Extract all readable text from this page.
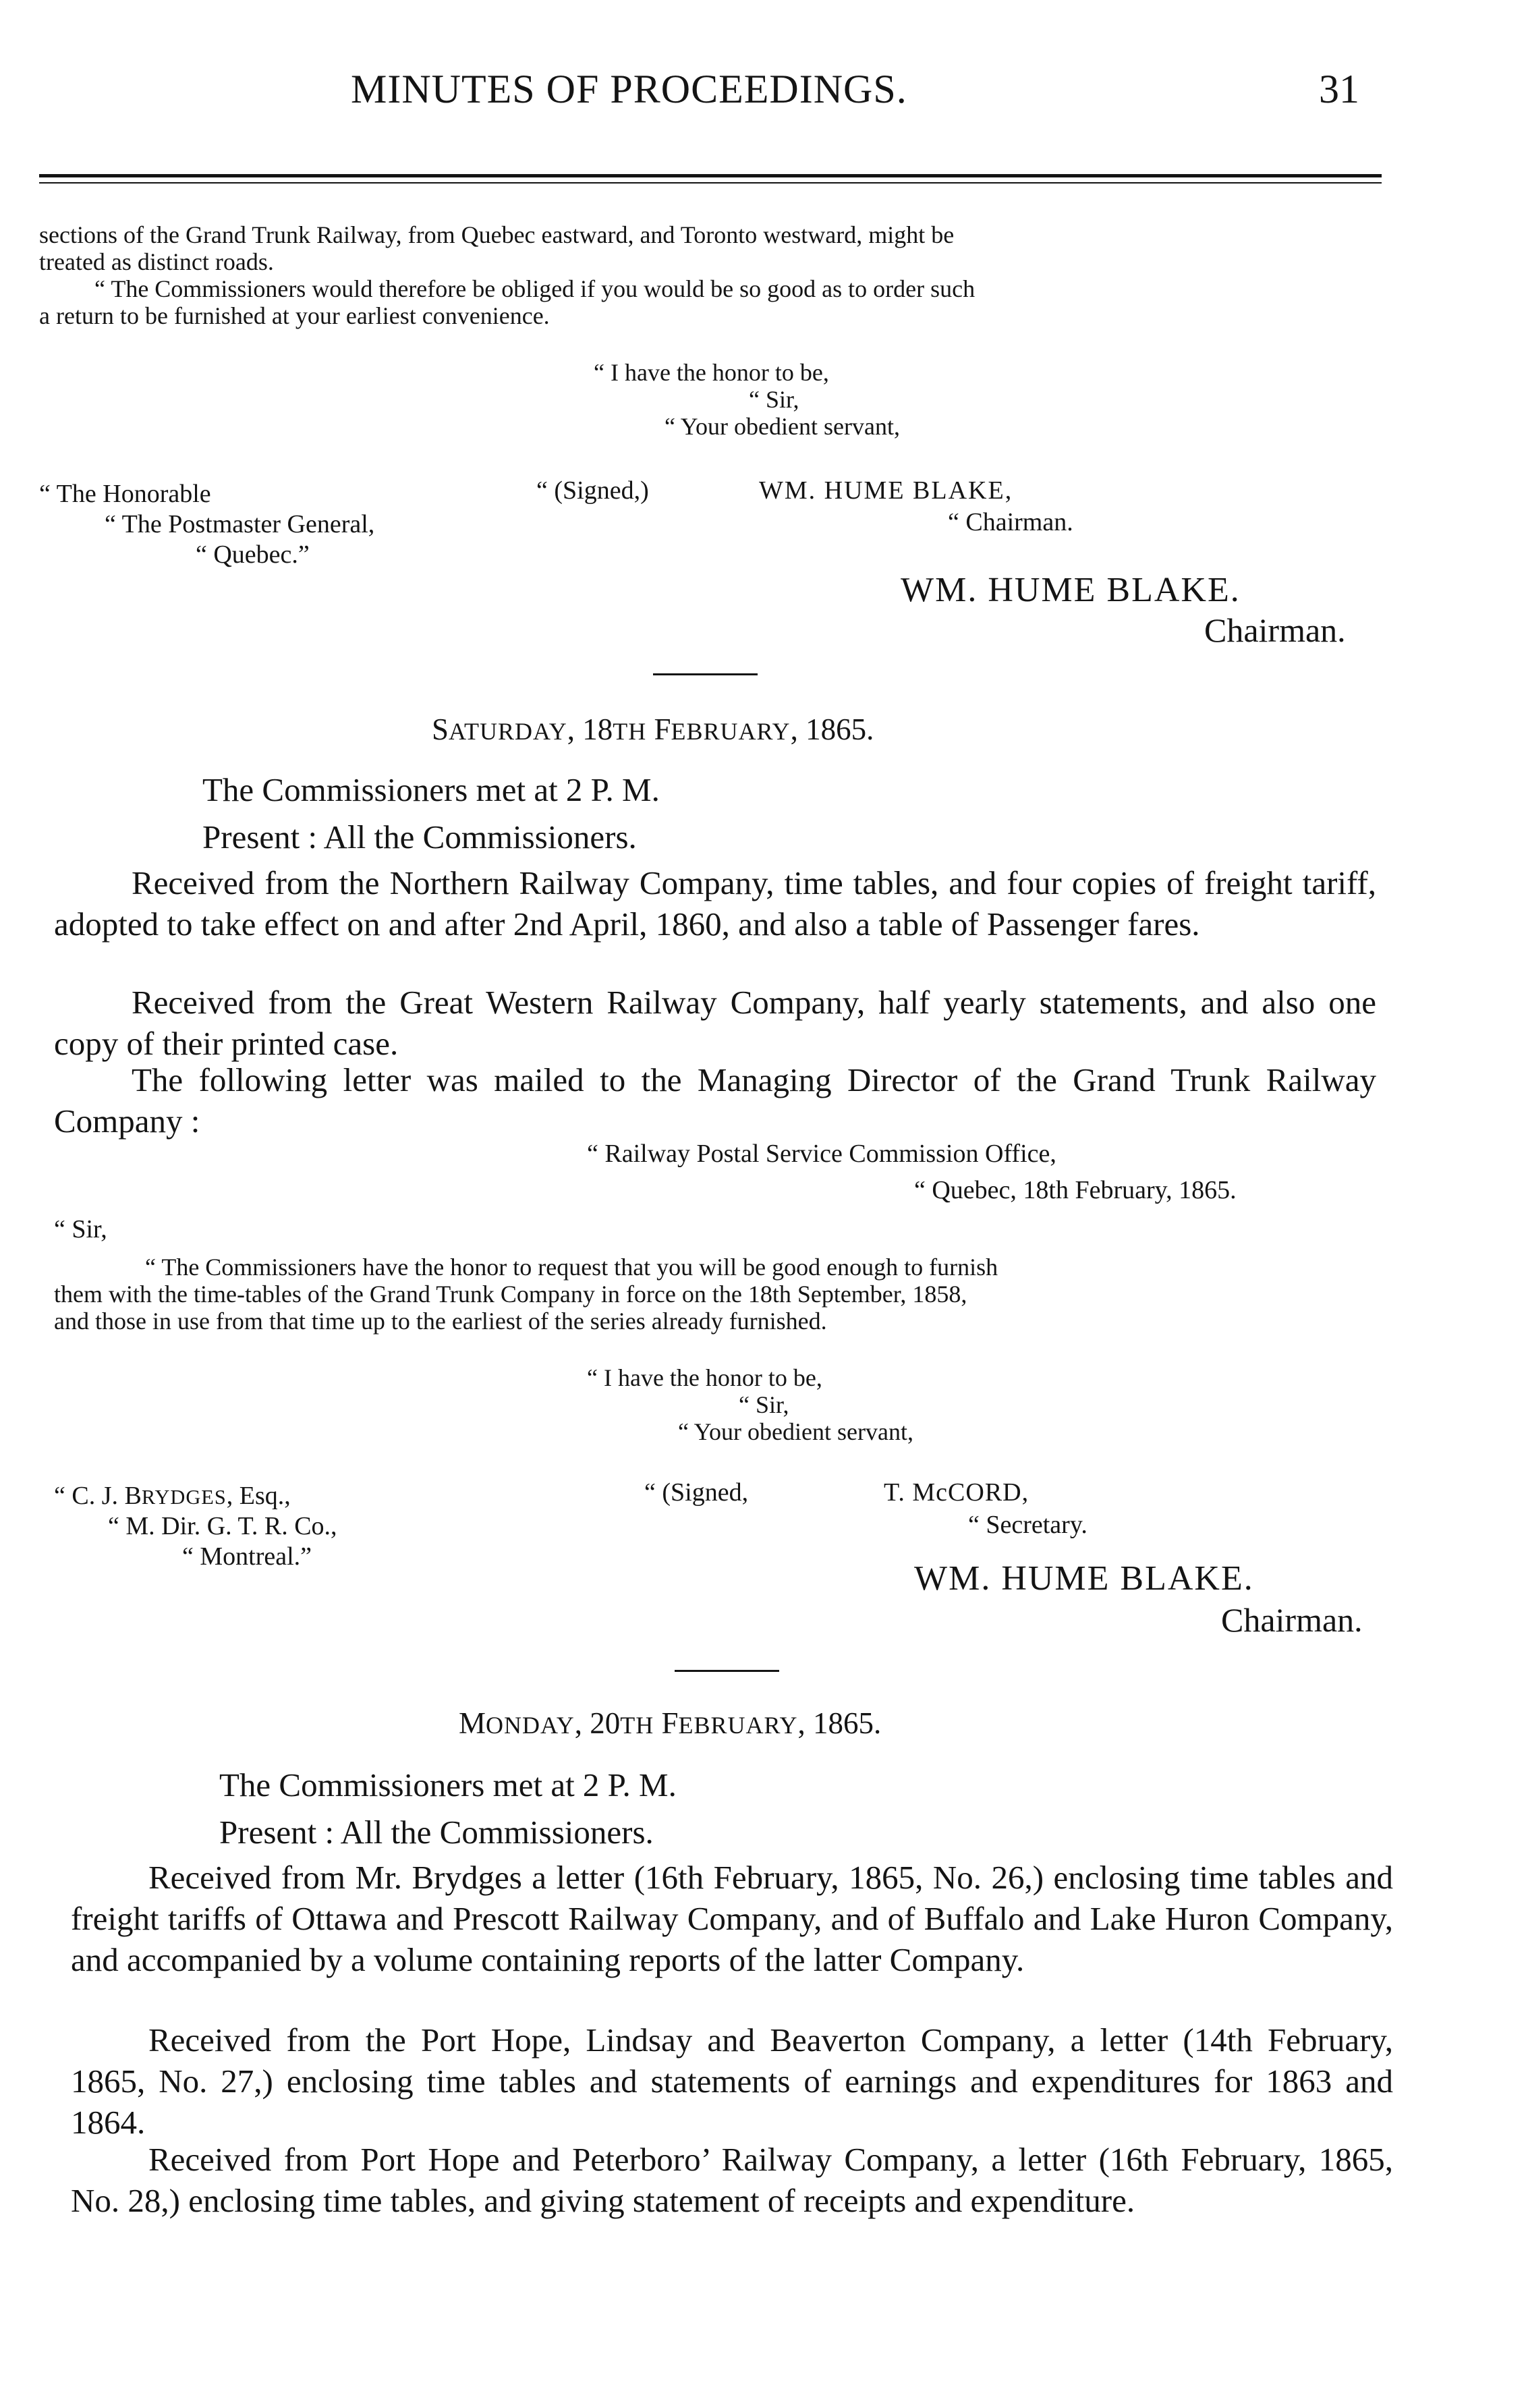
MINUTES OF PROCEEDINGS.	31
sections of the Grand Trunk Railway, from Quebec eastward, and Toronto westward, might be
treated as distinct roads.
“ The Commissioners would therefore be obliged if you would be so good as to order such
a return to be furnished at your earliest convenience.
“ I have the honor to be,
“ Sir,
“ Your obedient servant,
“ The Honorable
“ The Postmaster General,
“ Quebec.”
“ (Signed,)	WM. HUME BLAKE,
“ Chairman.
WM. HUME BLAKE.
Chairman.
SATURDAY, 18TH FEBRUARY, 1865.
The Commissioners met at 2 P. M.
Present : All the Commissioners.

Received from the Northern Railway Company, time tables, and four copies of freight tariff, adopted to take effect on and after 2nd April, 1860, and also a table of Passenger fares.

Received from the Great Western Railway Company, half yearly statements, and also one copy of their printed case.

The following letter was mailed to the Managing Director of the Grand Trunk Railway Company :

“ Railway Postal Service Commission Office,
“ Quebec, 18th February, 1865.
“ Sir,
“ The Commissioners have the honor to request that you will be good enough to furnish
them with the time-tables of the Grand Trunk Company in force on the 18th September, 1858,
and those in use from that time up to the earliest of the series already furnished.
“ I have the honor to be,
“ Sir,
“ Your obedient servant,
“ C. J. BRYDGES, Esq.,
“ M. Dir. G. T. R. Co.,
“ Montreal.”
“ (Signed,	T. McCORD,
“ Secretary.
WM. HUME BLAKE.
Chairman.
MONDAY, 20TH FEBRUARY, 1865.
The Commissioners met at 2 P. M.
Present : All the Commissioners.

Received from Mr. Brydges a letter (16th February, 1865, No. 26,) enclosing time tables and freight tariffs of Ottawa and Prescott Railway Company, and of Buffalo and Lake Huron Company, and accompanied by a volume containing reports of the latter Company.

Received from the Port Hope, Lindsay and Beaverton Company, a letter (14th February, 1865, No. 27,) enclosing time tables and statements of earnings and expenditures for 1863 and 1864.

Received from Port Hope and Peterboro’ Railway Company, a letter (16th February, 1865, No. 28,) enclosing time tables, and giving statement of receipts and expenditure.
